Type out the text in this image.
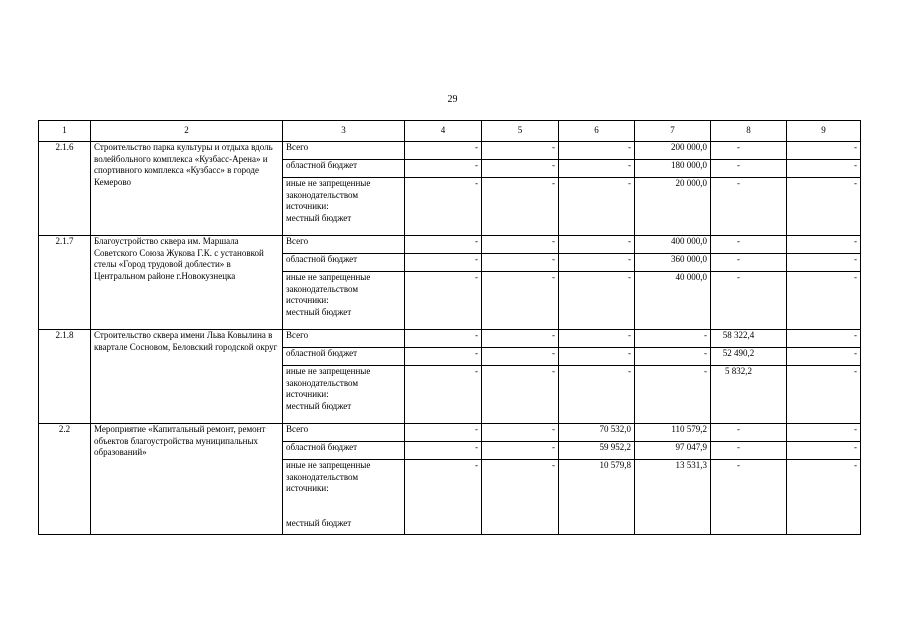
29
1	2	3	4	5	6	7	8	9
2.1.6	Строительство парка культуры и отдыха вдоль волейбольного комплекса «Кузбасс-Арена» и спортивного комплекса «Кузбасс» в городе Кемерово	Всего	-	-	-	200 000,0	-	-
		областной бюджет	-	-	-	180 000,0	-	-

		иные не запрещенные
законодательством
источники:
местный бюджет	-	-	-	20 000,0	-	-
2.1.7	Благоустройство сквера им. Маршала Советского Союза Жукова Г.К. с установкой стелы «Город трудовой доблести» в Центральном районе г.Новокузнецка	Всего	-	-	-	400 000,0	-	-
		областной бюджет	-	-	-	360 000,0	-	-

		иные не запрещенные
законодательством
источники:
местный бюджет	-	-	-	40 000,0	-	-
2.1.8	Строительство сквера имени Льва Ковылина в квартале Сосновом, Беловский городской округ	Всего	-	-	-	-	58 322,4	-
		областной бюджет	-	-	-	-	52 490,2	-

		иные не запрещенные
законодательством
источники:
местный бюджет	-	-	-	-	5 832,2	-
2.2	Мероприятие «Капитальный ремонт, ремонт объектов благоустройства муниципальных образований»	Всего	-	-	70 532,0	110 579,2	-	-
		областной бюджет	-	-	59 952,2	97 047,9	-	-

		иные не запрещенные
законодательством
источники:

местный бюджет	-	-	10 579,8	13 531,3	-	-
